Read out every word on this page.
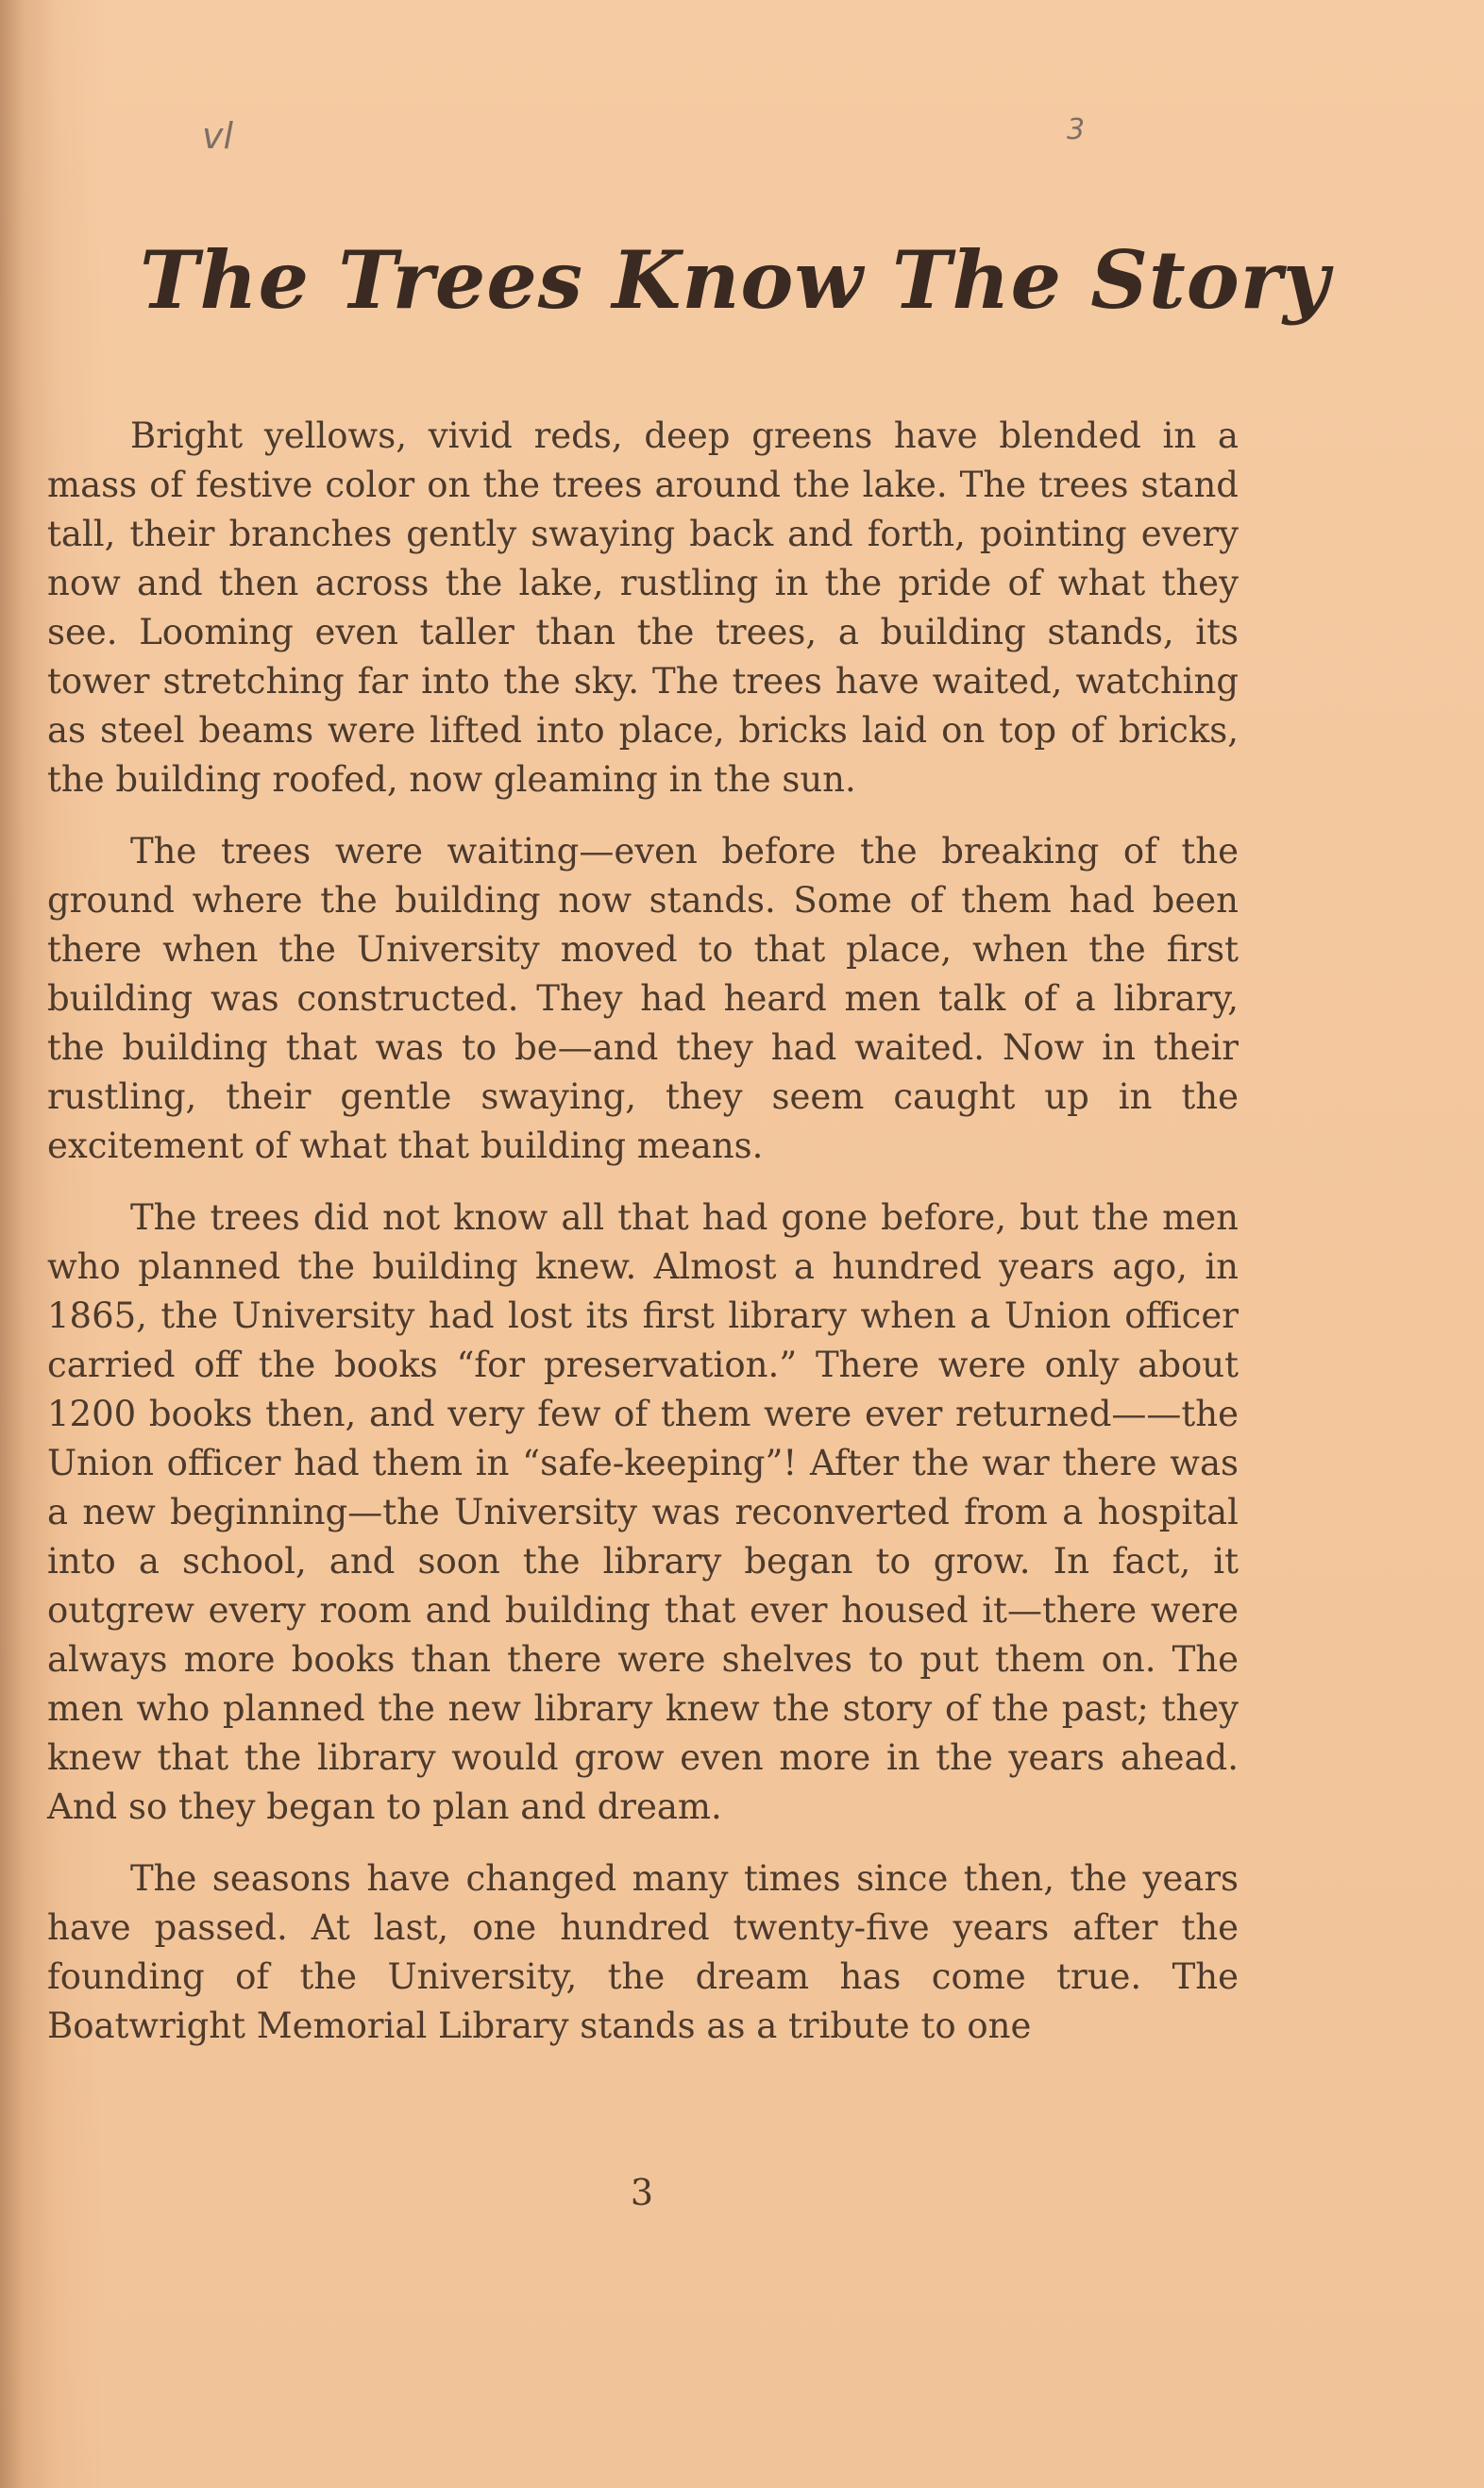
vl	3
The Trees Know The Story

Bright yellows, vivid reds, deep greens have blended in a mass of festive color on the trees around the lake. The trees stand tall, their branches gently swaying back and forth, pointing every now and then across the lake, rustling in the pride of what they see. Looming even taller than the trees, a building stands, its tower stretching far into the sky. The trees have waited, watching as steel beams were lifted into place, bricks laid on top of bricks, the building roofed, now gleaming in the sun.

The trees were waiting—even before the breaking of the ground where the building now stands. Some of them had been there when the University moved to that place, when the first building was constructed. They had heard men talk of a library, the building that was to be—and they had waited. Now in their rustling, their gentle swaying, they seem caught up in the excitement of what that building means.

The trees did not know all that had gone before, but the men who planned the building knew. Almost a hundred years ago, in 1865, the University had lost its first library when a Union officer carried off the books “for preservation.” There were only about 1200 books then, and very few of them were ever returned——the Union officer had them in “safe-keeping”! After the war there was a new beginning—the University was reconverted from a hospital into a school, and soon the library began to grow. In fact, it outgrew every room and building that ever housed it—there were always more books than there were shelves to put them on. The men who planned the new library knew the story of the past; they knew that the library would grow even more in the years ahead. And so they began to plan and dream.

The seasons have changed many times since then, the years have passed. At last, one hundred twenty-five years after the founding of the University, the dream has come true. The Boatwright Memorial Library stands as a tribute to one

3
